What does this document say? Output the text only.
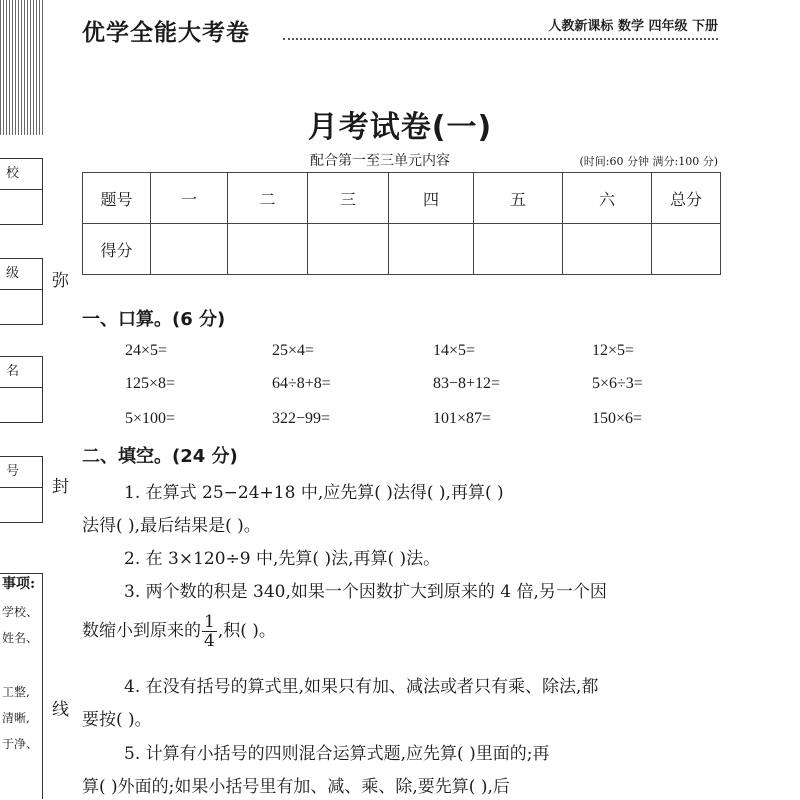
校
级
名
号
事项:
学校、
姓名、
工整,
清晰,
于净、
弥
封
线
优学全能大考卷	人教新课标 数学 四年级 下册
月考试卷(一)
配合第一至三单元内容	(时间:60 分钟 满分:100 分)
题号	一	二	三	四	五	六	总分
得分							
一、口算。(6 分)
24×5=	25×4=	14×5=	12×5=
125×8=	64÷8+8=	83−8+12=	5×6÷3=
5×100=	322−99=	101×87=	150×6=
二、填空。(24 分)
1. 在算式 25−24+18 中,应先算( )法得( ),再算( )
法得( ),最后结果是( )。
2. 在 3×120÷9 中,先算( )法,再算( )法。
3. 两个数的积是 340,如果一个因数扩大到原来的 4 倍,另一个因
数缩小到原来的 $\frac{1}{4}$ ,积( )。
4. 在没有括号的算式里,如果只有加、减法或者只有乘、除法,都
要按( )。
5. 计算有小括号的四则混合运算式题,应先算( )里面的;再
算( )外面的;如果小括号里有加、减、乘、除,要先算( ),后
